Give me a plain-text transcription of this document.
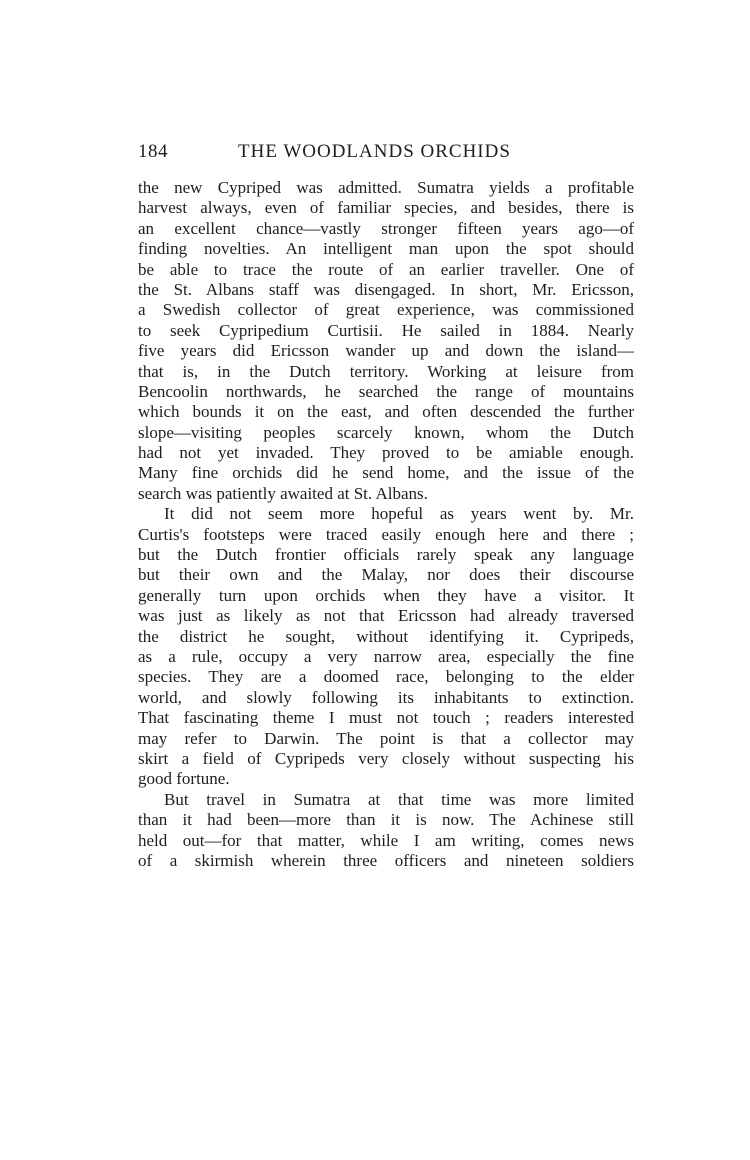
184	THE WOODLANDS ORCHIDS
the new Cypriped was admitted. Sumatra yields a profitable
harvest always, even of familiar species, and besides, there is
an excellent chance—vastly stronger fifteen years ago—of
finding novelties. An intelligent man upon the spot should
be able to trace the route of an earlier traveller. One of
the St. Albans staff was disengaged. In short, Mr. Ericsson,
a Swedish collector of great experience, was commissioned
to seek Cypripedium Curtisii. He sailed in 1884. Nearly
five years did Ericsson wander up and down the island—
that is, in the Dutch territory. Working at leisure from
Bencoolin northwards, he searched the range of mountains
which bounds it on the east, and often descended the further
slope—visiting peoples scarcely known, whom the Dutch
had not yet invaded. They proved to be amiable enough.
Many fine orchids did he send home, and the issue of the
search was patiently awaited at St. Albans.
It did not seem more hopeful as years went by. Mr.
Curtis's footsteps were traced easily enough here and there ;
but the Dutch frontier officials rarely speak any language
but their own and the Malay, nor does their discourse
generally turn upon orchids when they have a visitor. It
was just as likely as not that Ericsson had already traversed
the district he sought, without identifying it. Cypripeds,
as a rule, occupy a very narrow area, especially the fine
species. They are a doomed race, belonging to the elder
world, and slowly following its inhabitants to extinction.
That fascinating theme I must not touch ; readers interested
may refer to Darwin. The point is that a collector may
skirt a field of Cypripeds very closely without suspecting his
good fortune.
But travel in Sumatra at that time was more limited
than it had been—more than it is now. The Achinese still
held out—for that matter, while I am writing, comes news
of a skirmish wherein three officers and nineteen soldiers
